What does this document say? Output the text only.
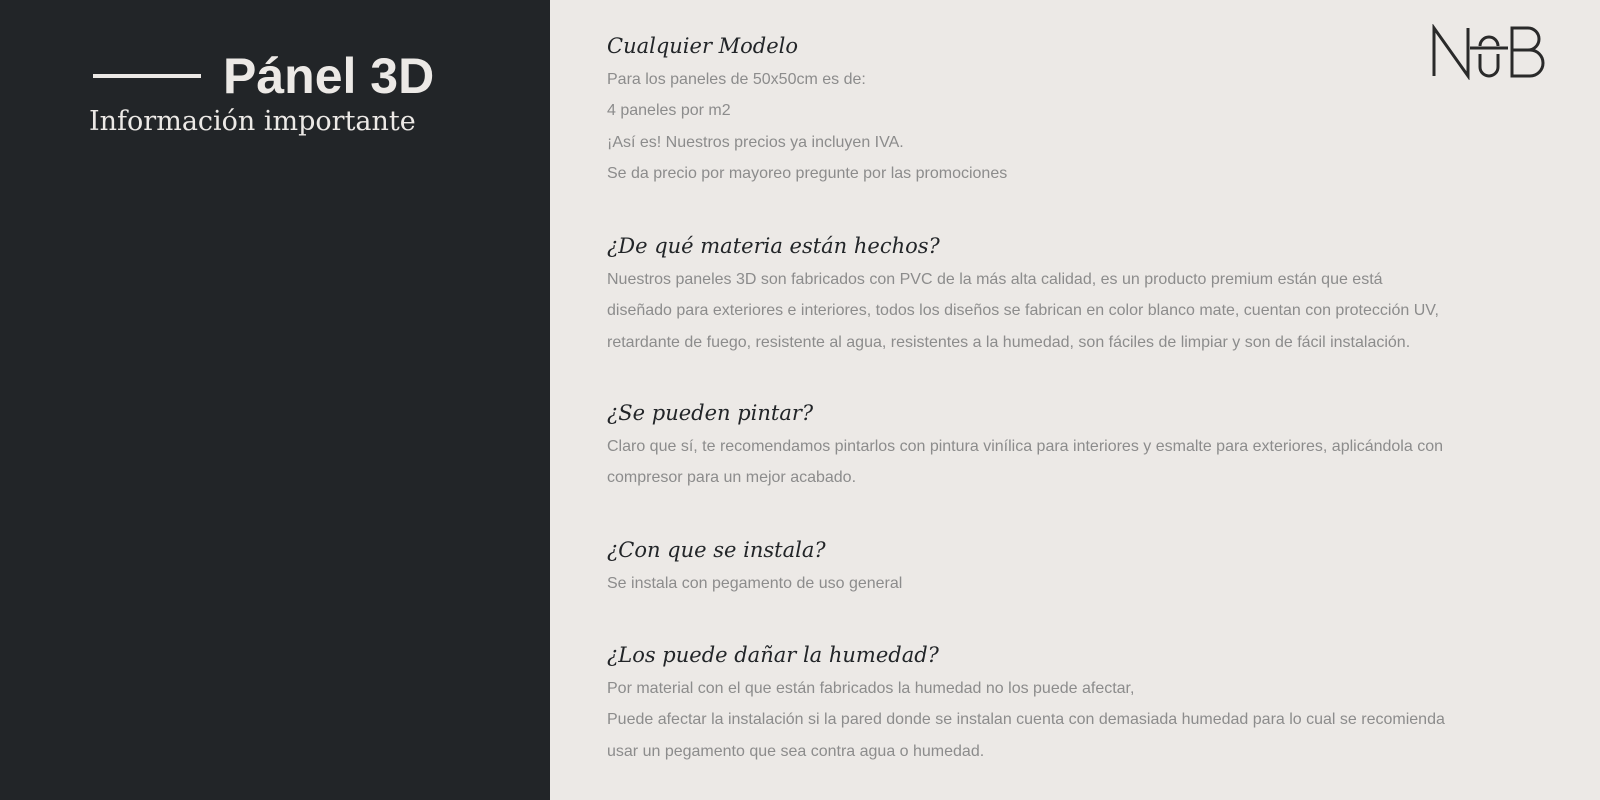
Pánel 3D
Información importante
Cualquier Modelo
Para los paneles de 50x50cm es de:
4 paneles por m2
¡Así es! Nuestros precios ya incluyen IVA.
Se da precio por mayoreo pregunte por las promociones
¿De qué materia están hechos?
Nuestros paneles 3D son fabricados con PVC de la más alta calidad, es un producto premium están que está
diseñado para exteriores e interiores, todos los diseños se fabrican en color blanco mate, cuentan con protección UV,
retardante de fuego, resistente al agua, resistentes a la humedad, son fáciles de limpiar y son de fácil instalación.
¿Se pueden pintar?
Claro que sí, te recomendamos pintarlos con pintura vinílica para interiores y esmalte para exteriores, aplicándola con
compresor para un mejor acabado.
¿Con que se instala?
Se instala con pegamento de uso general
¿Los puede dañar la humedad?
Por material con el que están fabricados la humedad no los puede afectar,
Puede afectar la instalación si la pared donde se instalan cuenta con demasiada humedad para lo cual se recomienda
usar un pegamento que sea contra agua o humedad.
